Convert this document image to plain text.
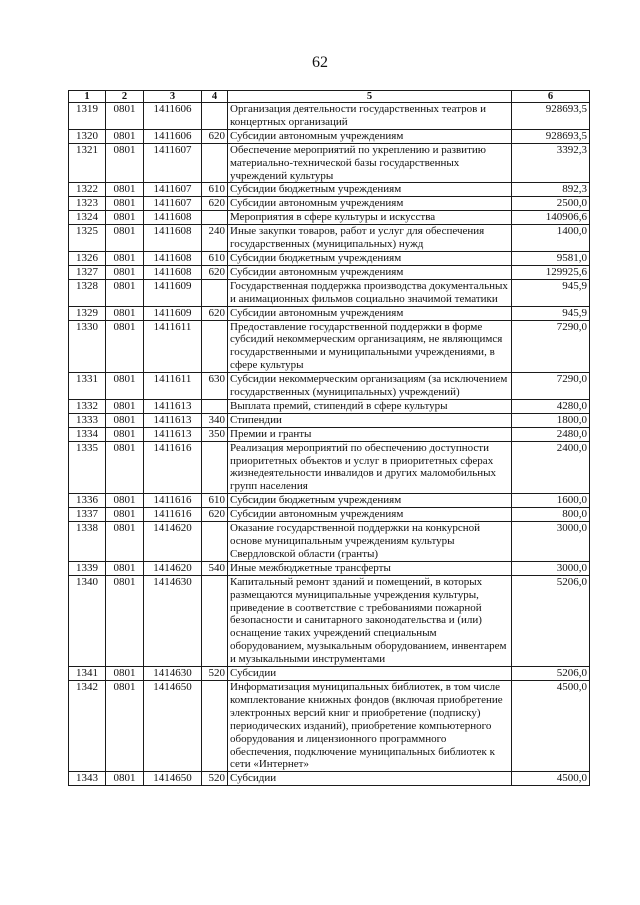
62
1	2	3	4	5	6
1319	0801	1411606		Организация деятельности государственных театров и концертных организаций	928693,5
1320	0801	1411606	620	Субсидии автономным учреждениям	928693,5
1321	0801	1411607		Обеспечение мероприятий по укреплению и развитию материально-технической базы государственных учреждений культуры	3392,3
1322	0801	1411607	610	Субсидии бюджетным учреждениям	892,3
1323	0801	1411607	620	Субсидии автономным учреждениям	2500,0
1324	0801	1411608		Мероприятия в сфере культуры и искусства	140906,6
1325	0801	1411608	240	Иные закупки товаров, работ и услуг для обеспечения государственных (муниципальных) нужд	1400,0
1326	0801	1411608	610	Субсидии бюджетным учреждениям	9581,0
1327	0801	1411608	620	Субсидии автономным учреждениям	129925,6
1328	0801	1411609		Государственная поддержка производства документальных и анимационных фильмов социально значимой тематики	945,9
1329	0801	1411609	620	Субсидии автономным учреждениям	945,9
1330	0801	1411611		Предоставление государственной поддержки в форме субсидий некоммерческим организациям, не являющимся государственными и муниципальными учреждениями, в сфере культуры	7290,0
1331	0801	1411611	630	Субсидии некоммерческим организациям (за исключением государственных (муниципальных) учреждений)	7290,0
1332	0801	1411613		Выплата премий, стипендий в сфере культуры	4280,0
1333	0801	1411613	340	Стипендии	1800,0
1334	0801	1411613	350	Премии и гранты	2480,0
1335	0801	1411616		Реализация мероприятий по обеспечению доступности приоритетных объектов и услуг в приоритетных сферах жизнедеятельности инвалидов и других маломобильных групп населения	2400,0
1336	0801	1411616	610	Субсидии бюджетным учреждениям	1600,0
1337	0801	1411616	620	Субсидии автономным учреждениям	800,0
1338	0801	1414620		Оказание государственной поддержки на конкурсной основе муниципальным учреждениям культуры Свердловской области (гранты)	3000,0
1339	0801	1414620	540	Иные межбюджетные трансферты	3000,0
1340	0801	1414630		Капитальный ремонт зданий и помещений, в которых размещаются муниципальные учреждения культуры, приведение в соответствие с требованиями пожарной безопасности и санитарного законодательства и (или) оснащение таких учреждений специальным оборудованием, музыкальным оборудованием, инвентарем и музыкальными инструментами	5206,0
1341	0801	1414630	520	Субсидии	5206,0
1342	0801	1414650		Информатизация муниципальных библиотек, в том числе комплектование книжных фондов (включая приобретение электронных версий книг и приобретение (подписку) периодических изданий), приобретение компьютерного оборудования и лицензионного программного обеспечения, подключение муниципальных библиотек к сети «Интернет»	4500,0
1343	0801	1414650	520	Субсидии	4500,0
